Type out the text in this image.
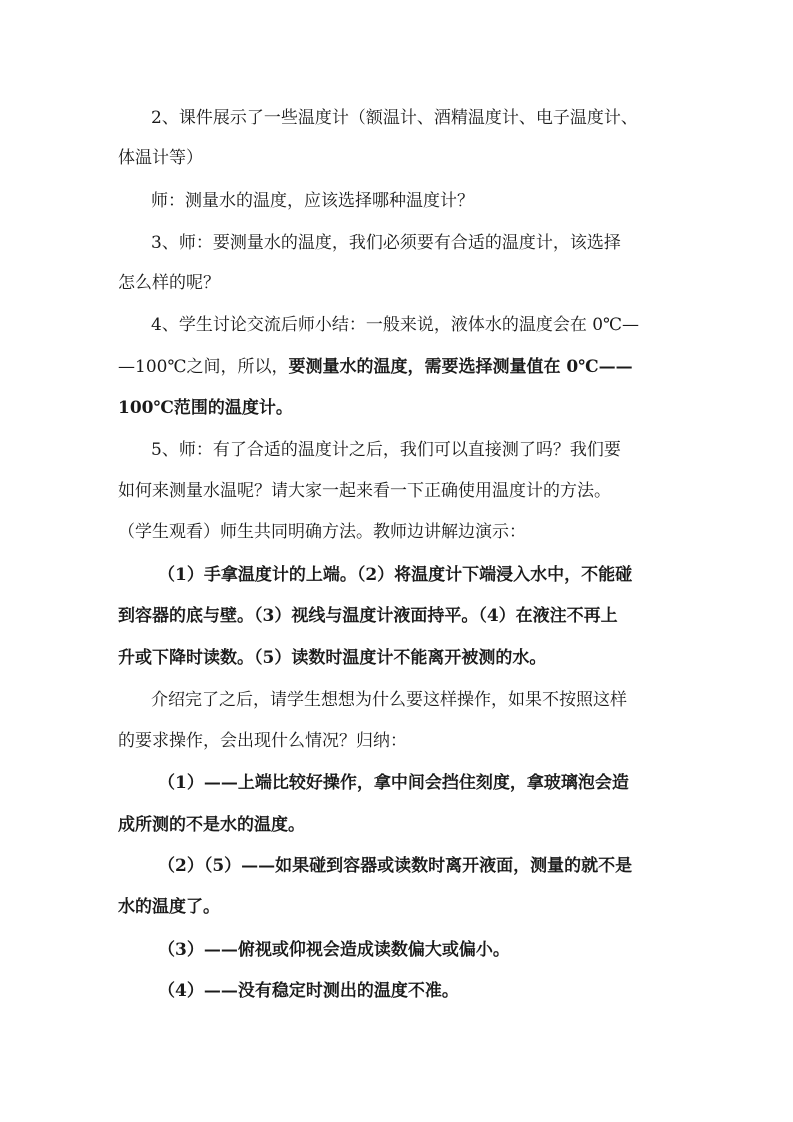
2、课件展示了一些温度计（额温计、酒精温度计、电子温度计、
体温计等）
师：测量水的温度，应该选择哪种温度计？
3、师：要测量水的温度，我们必须要有合适的温度计，该选择
怎么样的呢？
4、学生讨论交流后师小结：一般来说，液体水的温度会在 0℃—
—100℃之间，所以，要测量水的温度，需要选择测量值在 0℃——
100℃范围的温度计。
5、师：有了合适的温度计之后，我们可以直接测了吗？我们要
如何来测量水温呢？请大家一起来看一下正确使用温度计的方法。
（学生观看）师生共同明确方法。教师边讲解边演示：
（1）手拿温度计的上端。（2）将温度计下端浸入水中，不能碰
到容器的底与壁。（3）视线与温度计液面持平。（4）在液注不再上
升或下降时读数。（5）读数时温度计不能离开被测的水。
介绍完了之后，请学生想想为什么要这样操作，如果不按照这样
的要求操作，会出现什么情况？归纳：
（1）——上端比较好操作，拿中间会挡住刻度，拿玻璃泡会造
成所测的不是水的温度。
（2）（5）——如果碰到容器或读数时离开液面，测量的就不是
水的温度了。
（3）——俯视或仰视会造成读数偏大或偏小。
（4）——没有稳定时测出的温度不准。
